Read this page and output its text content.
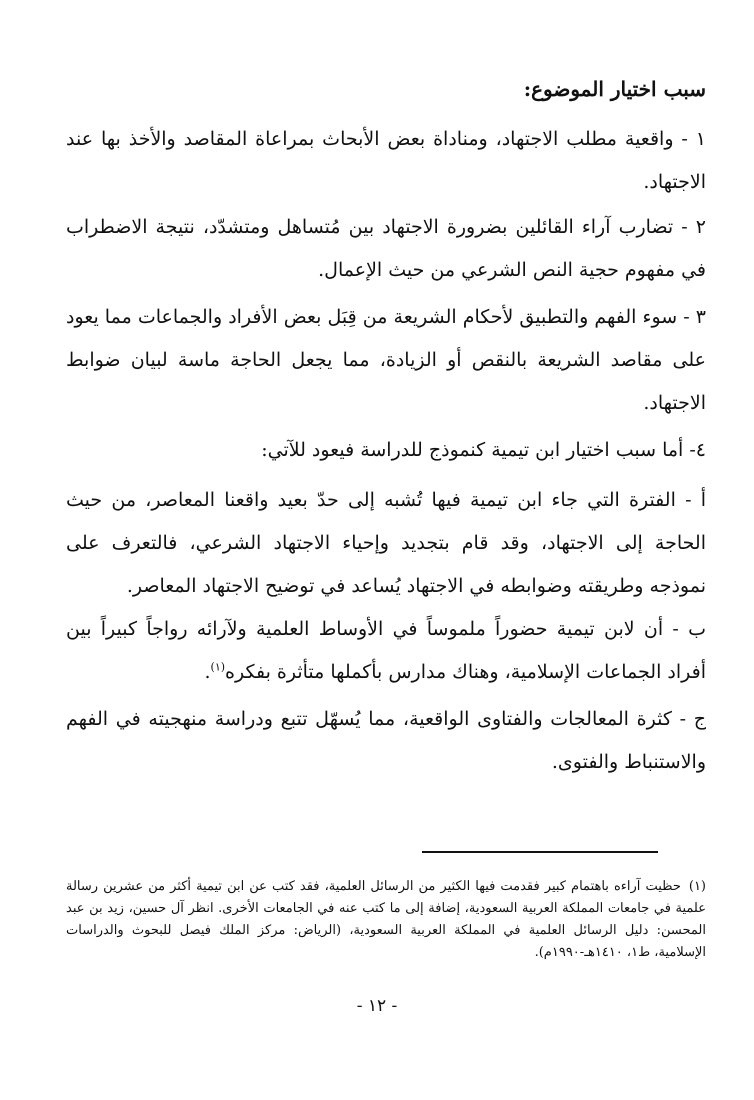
سبب اختيار الموضوع:
١ - واقعية مطلب الاجتهاد، ومناداة بعض الأبحاث بمراعاة المقاصد والأخذ بها عند الاجتهاد.
٢ - تضارب آراء القائلين بضرورة الاجتهاد بين مُتساهل ومتشدّد، نتيجة الاضطراب في مفهوم حجية النص الشرعي من حيث الإعمال.
٣ - سوء الفهم والتطبيق لأحكام الشريعة من قِبَل بعض الأفراد والجماعات مما يعود على مقاصد الشريعة بالنقص أو الزيادة، مما يجعل الحاجة ماسة لبيان ضوابط الاجتهاد.
٤- أما سبب اختيار ابن تيمية كنموذج للدراسة فيعود للآتي:
أ - الفترة التي جاء ابن تيمية فيها تُشبه إلى حدّ بعيد واقعنا المعاصر، من حيث الحاجة إلى الاجتهاد، وقد قام بتجديد وإحياء الاجتهاد الشرعي، فالتعرف على نموذجه وطريقته وضوابطه في الاجتهاد يُساعد في توضيح الاجتهاد المعاصر.
ب - أن لابن تيمية حضوراً ملموساً في الأوساط العلمية ولآرائه رواجاً كبيراً بين أفراد الجماعات الإسلامية، وهناك مدارس بأكملها متأثرة بفكره$^{(١)}$.
ج - كثرة المعالجات والفتاوى الواقعية، مما يُسهّل تتبع ودراسة منهجيته في الفهم والاستنباط والفتوى.
(١)حظيت آراءه باهتمام كبير فقدمت فيها الكثير من الرسائل العلمية، فقد كتب عن ابن تيمية أكثر من عشرين رسالة علمية في جامعات المملكة العربية السعودية، إضافة إلى ما كتب عنه في الجامعات الأخرى. انظر آل حسين، زيد بن عبد المحسن: دليل الرسائل العلمية في المملكة العربية السعودية، (الرياض: مركز الملك فيصل للبحوث والدراسات الإسلامية، ط١، ١٤١٠هـ-١٩٩٠م).
- ١٢ -
